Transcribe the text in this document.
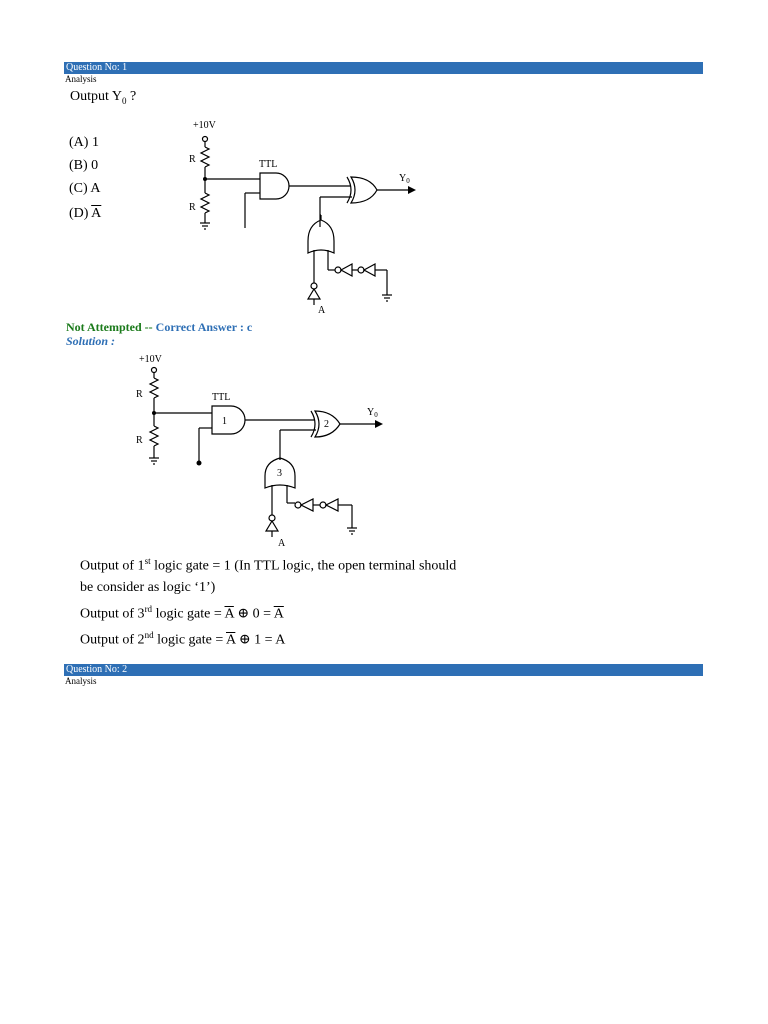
Question No: 1
Analysis
Output $Y_0$ ?
(A) 1
(B) 0
(C) A
(D) $\overline{A}$
+10V
R
R
TTL
$Y_0$
A
Not Attempted -- Correct Answer : c
Solution :
+10V
R
R
TTL
1	2
3
$Y_0$
A
Output of 1st logic gate = 1 (In TTL logic, the open terminal should
be consider as logic ‘1’)
Output of 3rd logic gate = $\overline{A}$ ⊕ $0 = \overline{A}$
Output of 2nd logic gate = $\overline{A}$ ⊕ 1 = A
Question No: 2
Analysis
